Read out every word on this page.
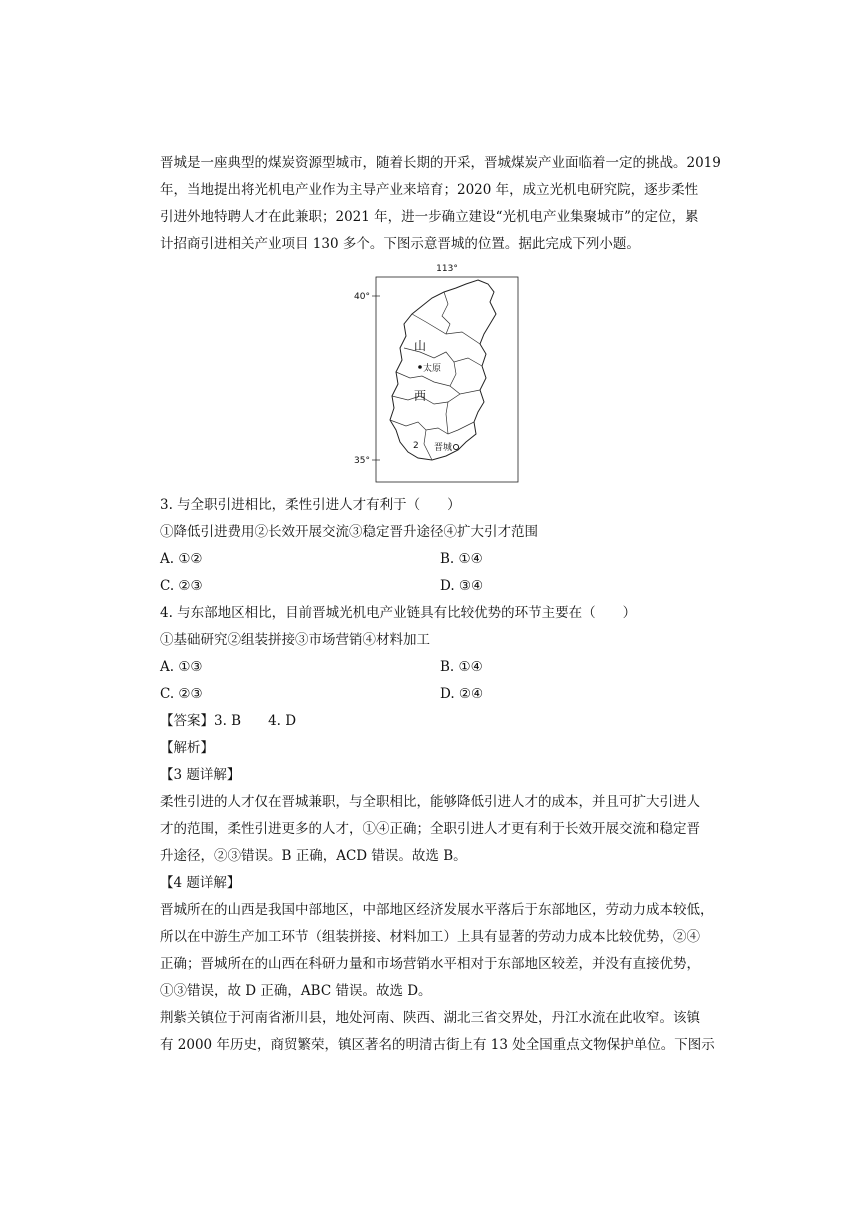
晋城是一座典型的煤炭资源型城市，随着长期的开采，晋城煤炭产业面临着一定的挑战。2019
年，当地提出将光机电产业作为主导产业来培育；2020 年，成立光机电研究院，逐步柔性
引进外地特聘人才在此兼职；2021 年，进一步确立建设“光机电产业集聚城市”的定位，累
计招商引进相关产业项目 130 多个。下图示意晋城的位置。据此完成下列小题。
113°
40°
35°
山
西
太原
2 晋城
3. 与全职引进相比，柔性引进人才有利于（　　）
①降低引进费用②长效开展交流③稳定晋升途径④扩大引才范围
A. ①②	B. ①④
C. ②③	D. ③④
4. 与东部地区相比，目前晋城光机电产业链具有比较优势的环节主要在（　　）
①基础研究②组装拼接③市场营销④材料加工
A. ①③	B. ①④
C. ②③	D. ②④
【答案】3. B　　4. D
【解析】
【3 题详解】
柔性引进的人才仅在晋城兼职，与全职相比，能够降低引进人才的成本，并且可扩大引进人
才的范围，柔性引进更多的人才，①④正确；全职引进人才更有利于长效开展交流和稳定晋
升途径，②③错误。B 正确，ACD 错误。故选 B。
【4 题详解】
晋城所在的山西是我国中部地区，中部地区经济发展水平落后于东部地区，劳动力成本较低，
所以在中游生产加工环节（组装拼接、材料加工）上具有显著的劳动力成本比较优势，②④
正确；晋城所在的山西在科研力量和市场营销水平相对于东部地区较差，并没有直接优势，
①③错误，故 D 正确，ABC 错误。故选 D。
荆紫关镇位于河南省淅川县，地处河南、陕西、湖北三省交界处，丹江水流在此收窄。该镇
有 2000 年历史，商贸繁荣，镇区著名的明清古街上有 13 处全国重点文物保护单位。下图示
